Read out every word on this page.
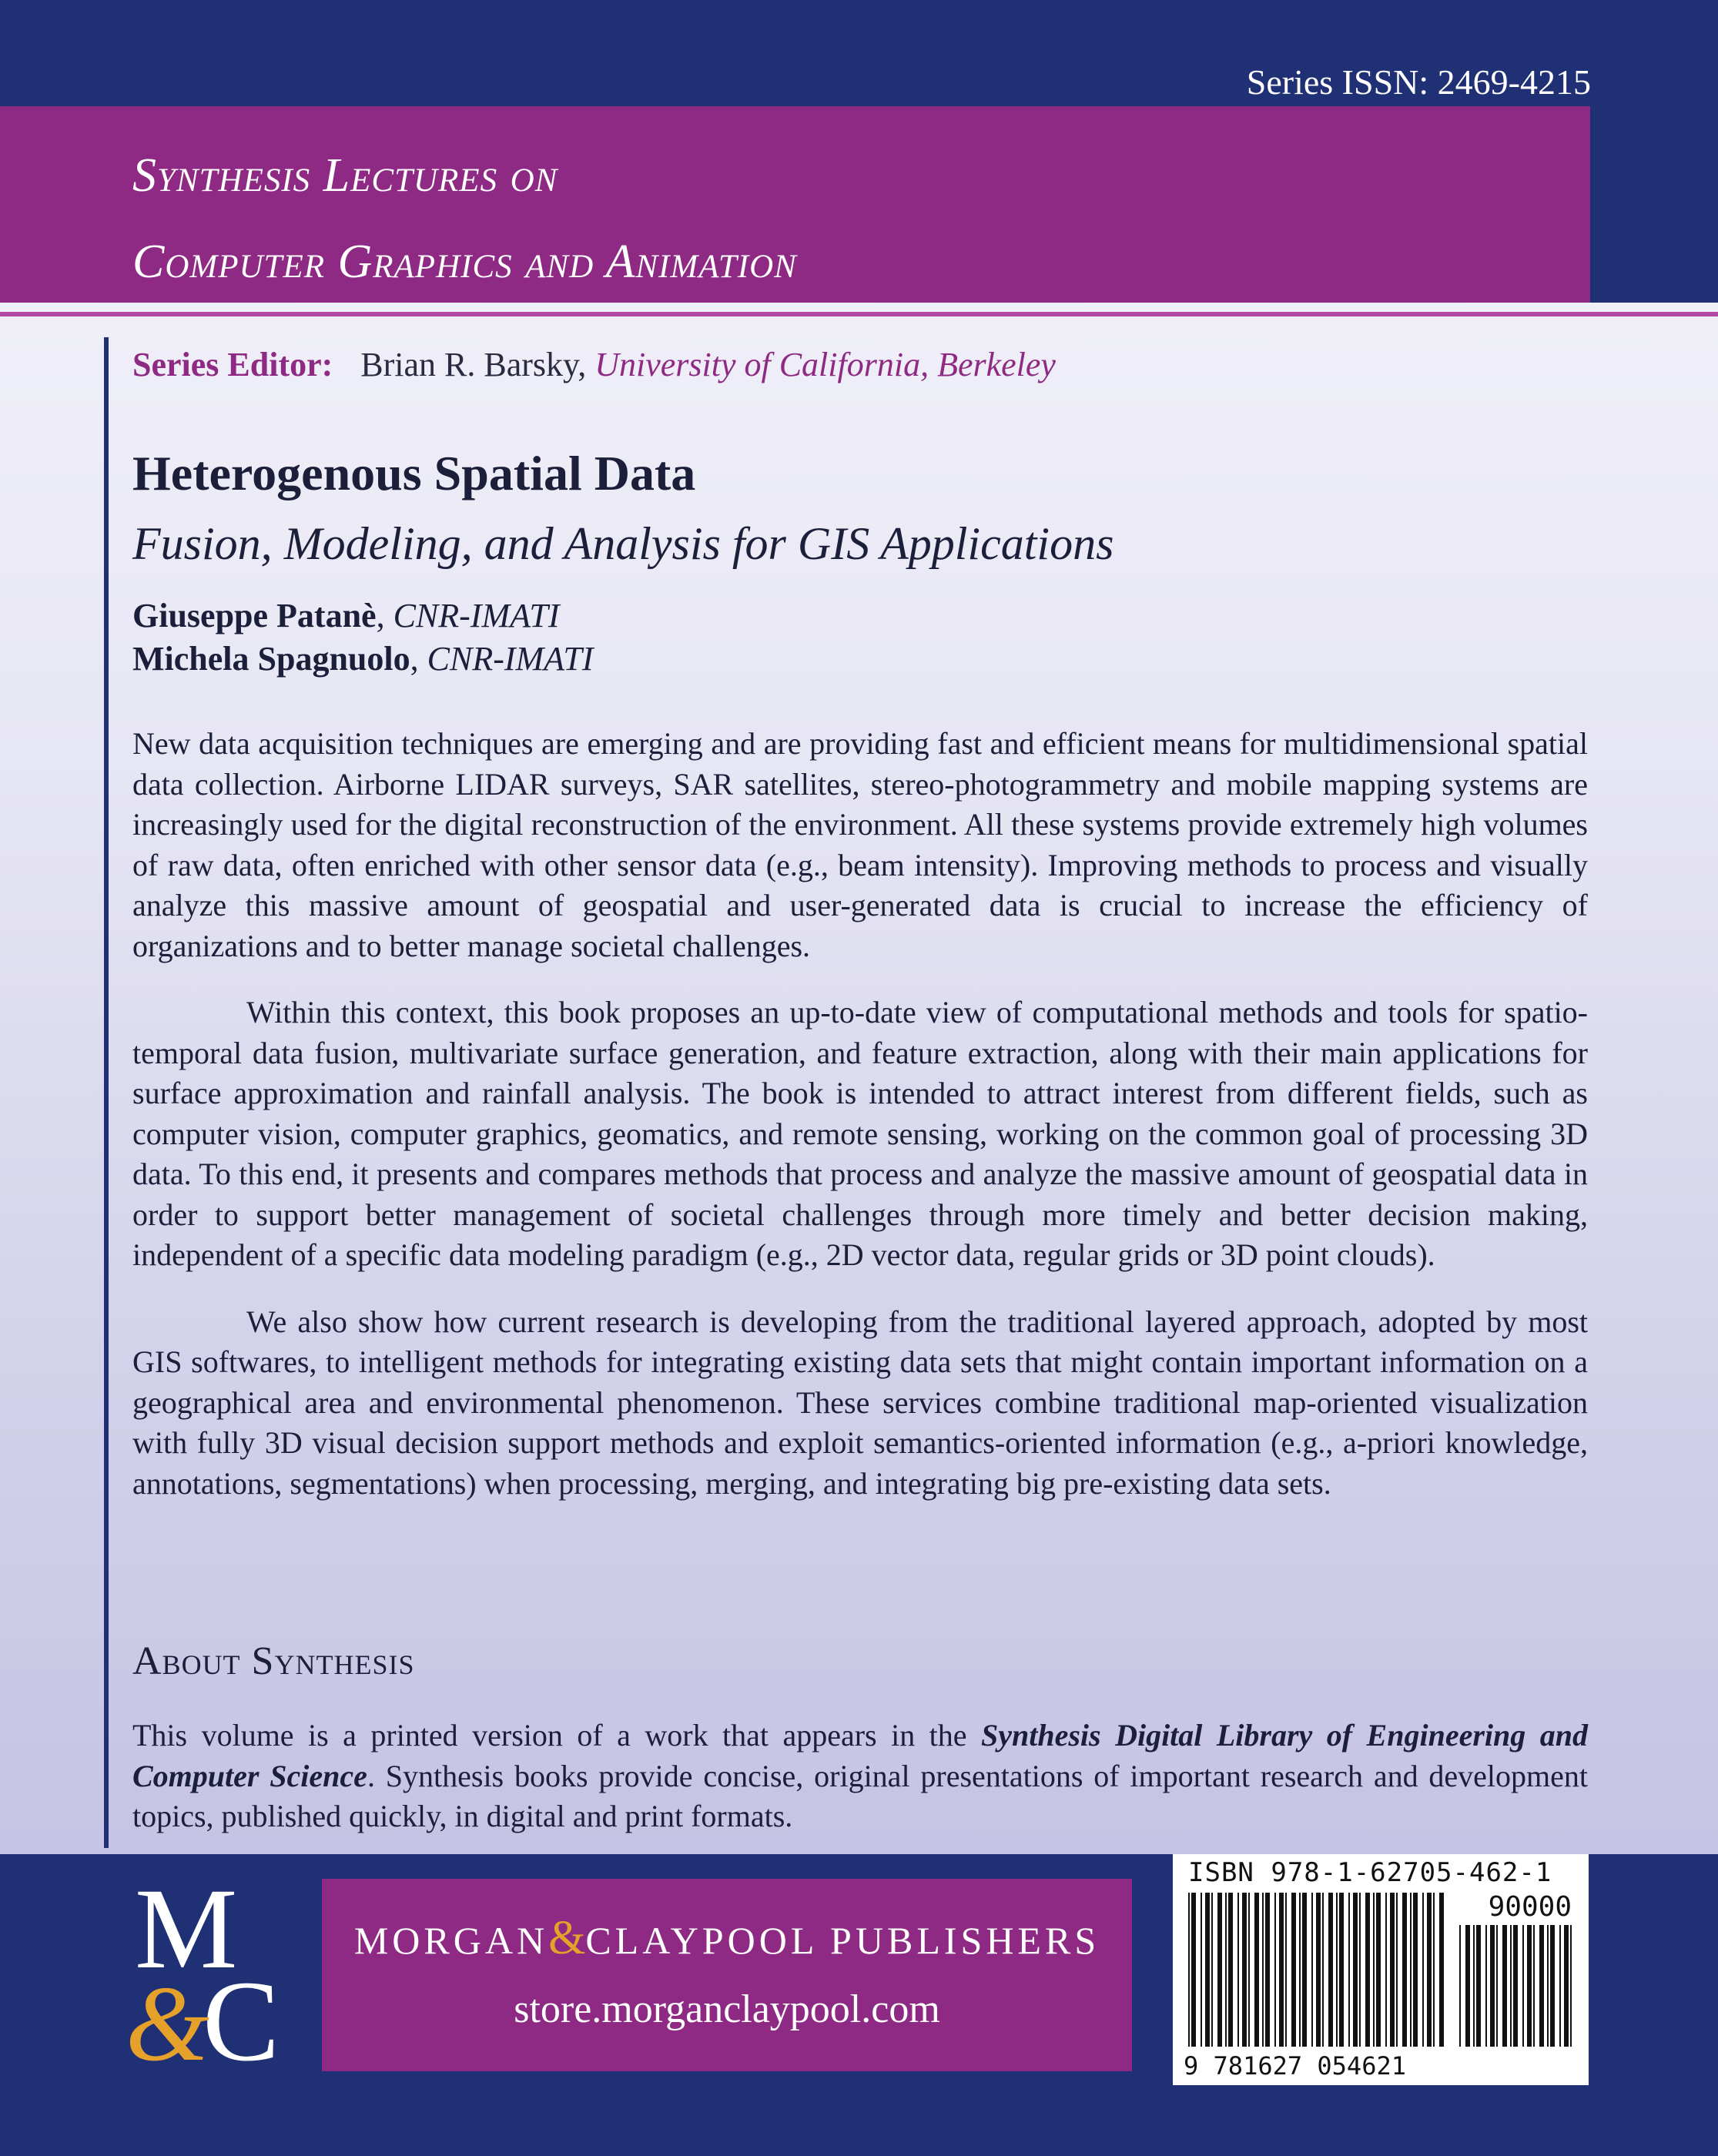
Series ISSN: 2469-4215
Synthesis Lectures on
Computer Graphics and Animation
Series Editor: Brian R. Barsky, University of California, Berkeley
Heterogenous Spatial Data
Fusion, Modeling, and Analysis for GIS Applications
Giuseppe Patanè, CNR-IMATI
Michela Spagnuolo, CNR-IMATI

New data acquisition techniques are emerging and are providing fast and efficient means for multidimensional spatial data collection. Airborne LIDAR surveys, SAR satellites, stereo-photogrammetry and mobile mapping systems are increasingly used for the digital reconstruction of the environment. All these systems provide extremely high volumes of raw data, often enriched with other sensor data (e.g., beam intensity). Improving methods to process and visually analyze this massive amount of geospatial and user-generated data is crucial to increase the efficiency of organizations and to better manage societal challenges.

Within this context, this book proposes an up-to-date view of computational methods and tools for spatio-temporal data fusion, multivariate surface generation, and feature extraction, along with their main applications for surface approximation and rainfall analysis. The book is intended to attract interest from different fields, such as computer vision, computer graphics, geomatics, and remote sensing, working on the common goal of processing 3D data. To this end, it presents and compares methods that process and analyze the massive amount of geospatial data in order to support better management of societal challenges through more timely and better decision making, independent of a specific data modeling paradigm (e.g., 2D vector data, regular grids or 3D point clouds).

We also show how current research is developing from the traditional layered approach, adopted by most GIS softwares, to intelligent methods for integrating existing data sets that might contain important information on a geographical area and environmental phenomenon. These services combine traditional map-oriented visualization with fully 3D visual decision support methods and exploit semantics-oriented information (e.g., a-priori knowledge, annotations, segmentations) when processing, merging, and integrating big pre-existing data sets.

About Synthesis

This volume is a printed version of a work that appears in the Synthesis Digital Library of Engineering and Computer Science. Synthesis books provide concise, original presentations of important research and development topics, published quickly, in digital and print formats.

M
C
&
MORGAN&CLAYPOOL PUBLISHERS
store.morganclaypool.com
ISBN 978-1-62705-462-1
90000
9 781627 054621
